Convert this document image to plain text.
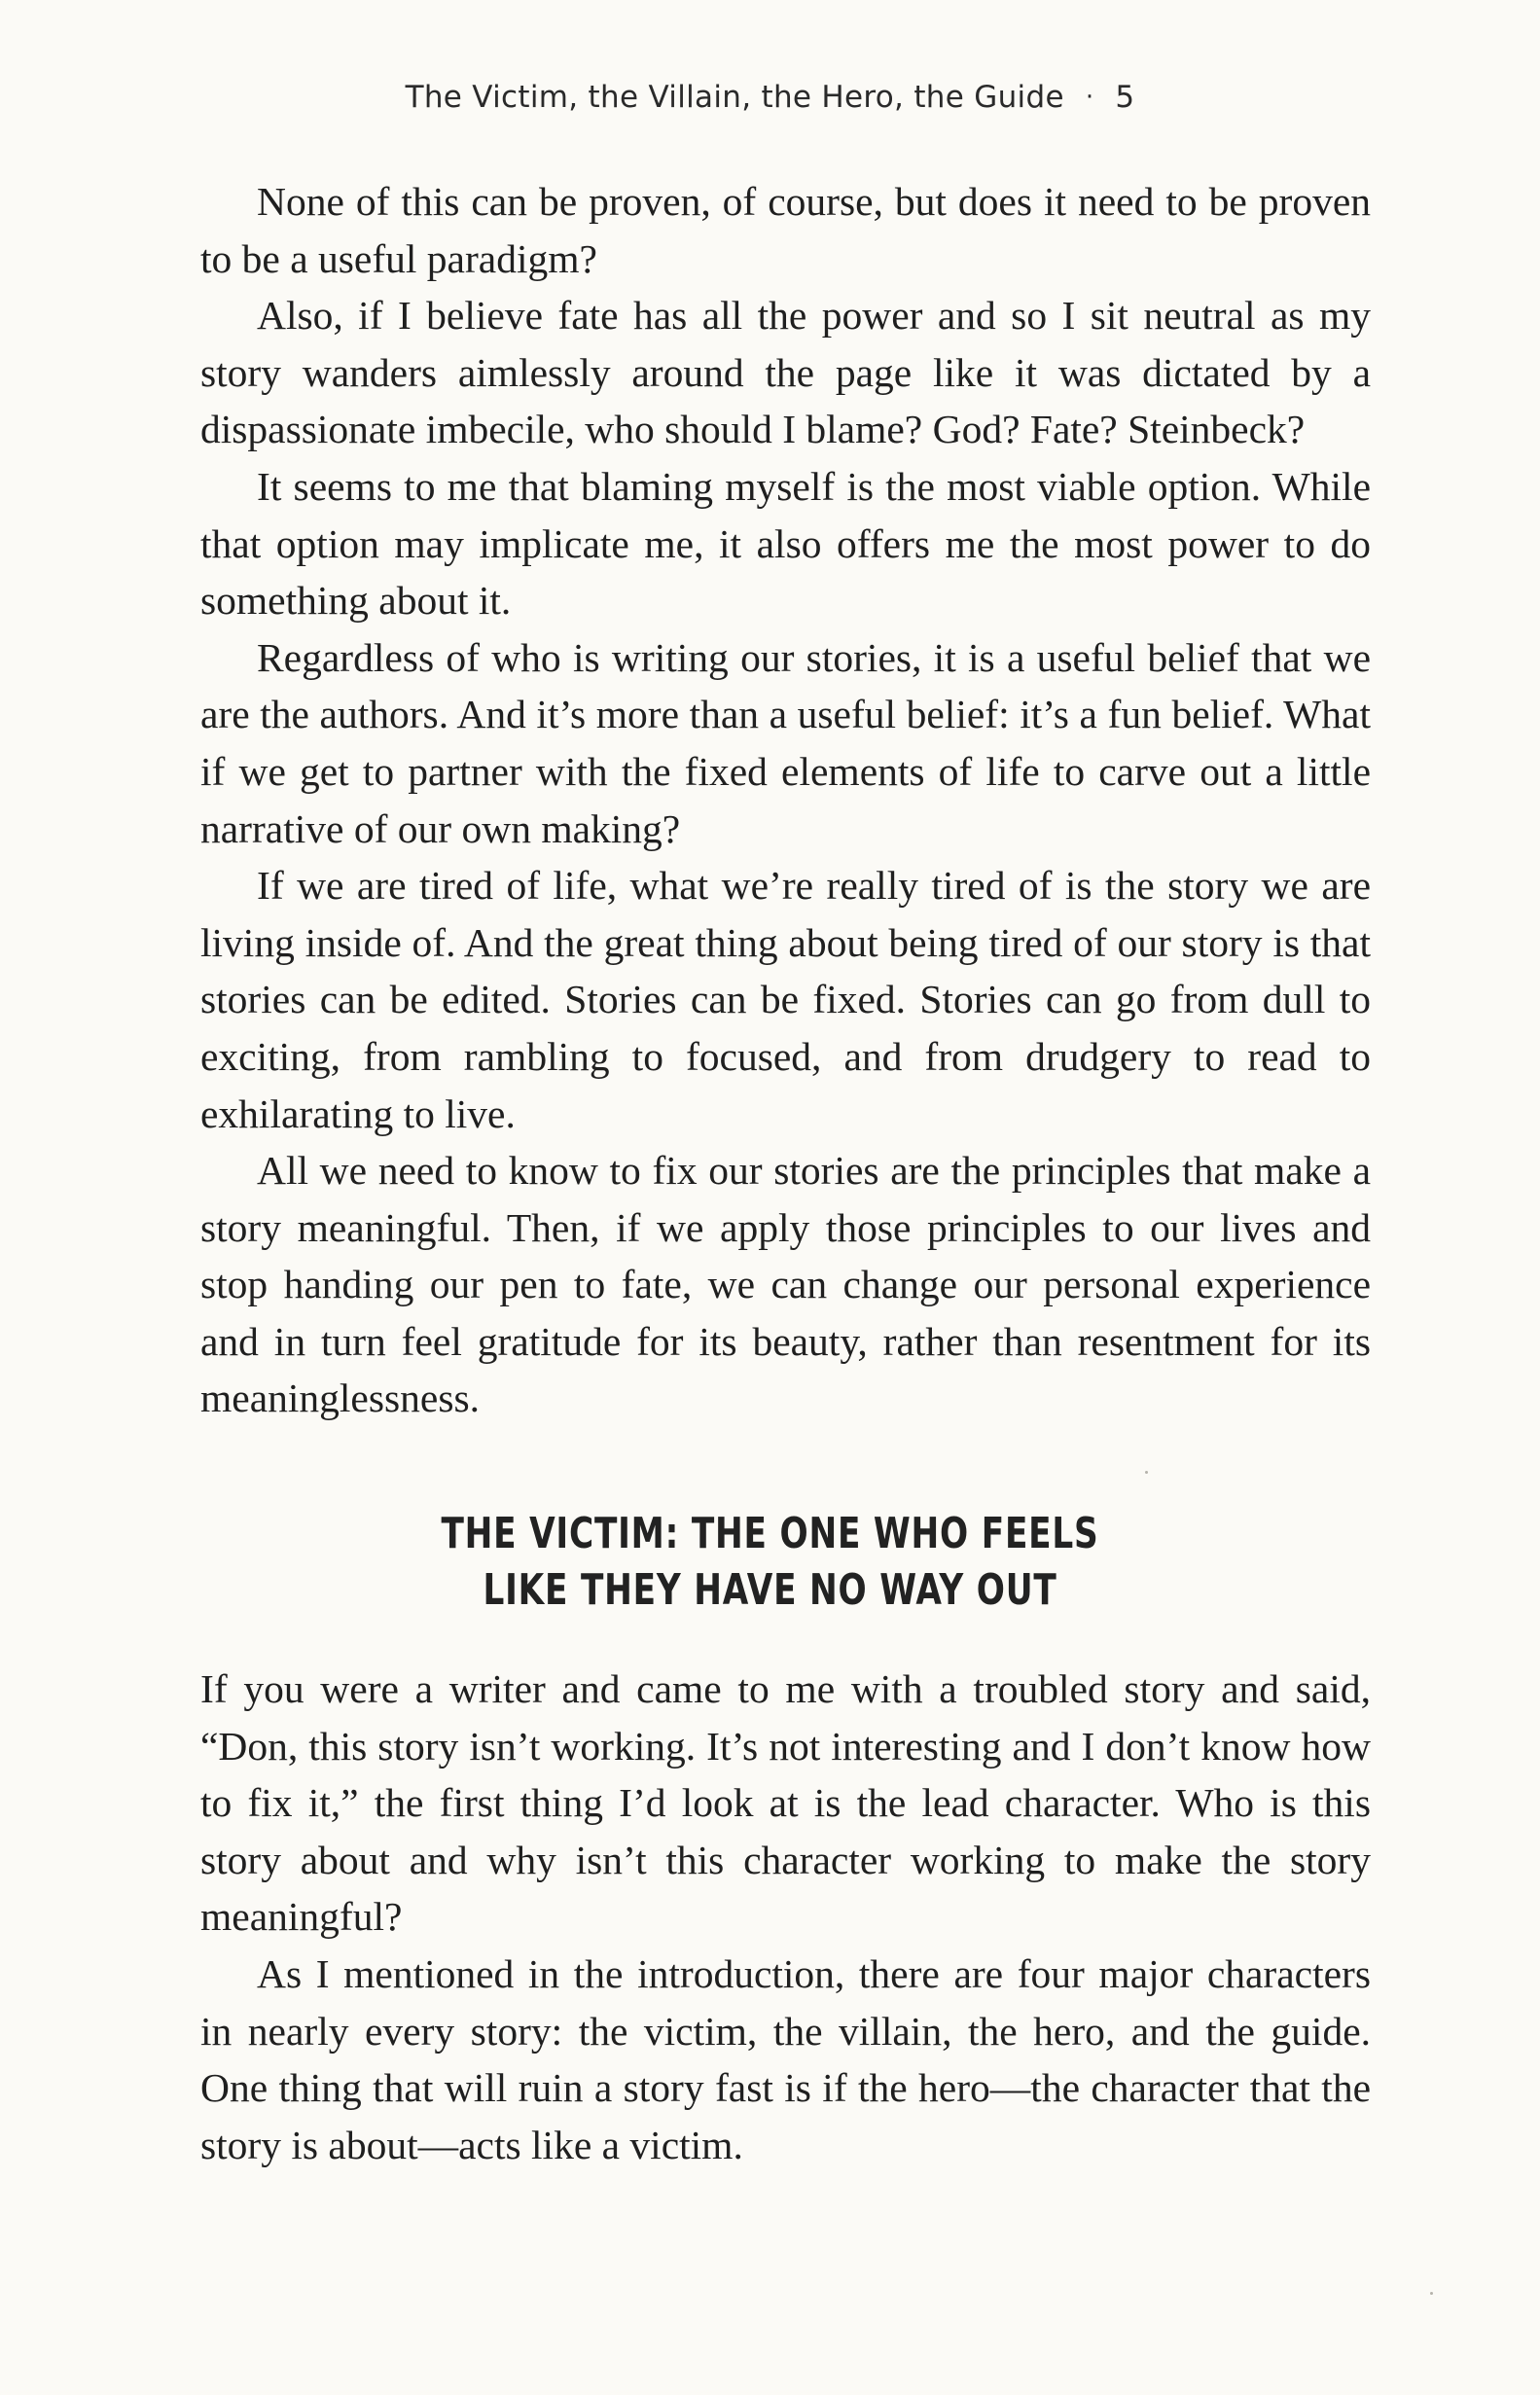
The Victim, the Villain, the Hero, the Guide · 5

None of this can be proven, of course, but does it need to be proven to be a useful paradigm?

Also, if I believe fate has all the power and so I sit neutral as my story wanders aimlessly around the page like it was dictated by a dispassionate imbecile, who should I blame? God? Fate? Steinbeck?

It seems to me that blaming myself is the most viable option. While that option may implicate me, it also offers me the most power to do something about it.

Regardless of who is writing our stories, it is a useful belief that we are the authors. And it’s more than a useful belief: it’s a fun belief. What if we get to partner with the fixed elements of life to carve out a little narrative of our own making?

If we are tired of life, what we’re really tired of is the story we are living inside of. And the great thing about being tired of our story is that stories can be edited. Stories can be fixed. Stories can go from dull to exciting, from rambling to focused, and from drudgery to read to exhilarating to live.

All we need to know to fix our stories are the principles that make a story meaningful. Then, if we apply those principles to our lives and stop handing our pen to fate, we can change our personal experience and in turn feel gratitude for its beauty, rather than resentment for its meaninglessness.

THE VICTIM: THE ONE WHO FEELS
LIKE THEY HAVE NO WAY OUT

If you were a writer and came to me with a troubled story and said, “Don, this story isn’t working. It’s not interesting and I don’t know how to fix it,” the first thing I’d look at is the lead character. Who is this story about and why isn’t this character working to make the story meaningful?

As I mentioned in the introduction, there are four major characters in nearly every story: the victim, the villain, the hero, and the guide. One thing that will ruin a story fast is if the hero—the character that the story is about—acts like a victim.
